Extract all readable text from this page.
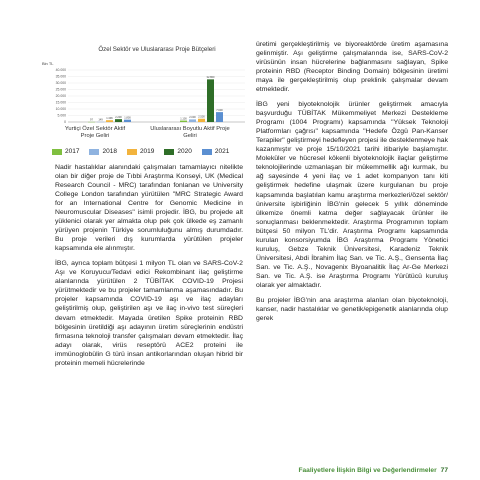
Özel Sektör ve Uluslararası Proje Bütçeleri
Bin TL
40.000
35.000
30.000
25.000
20.000
15.000
10.000
5.000
0
97 149
1.396 2.200 1.800	1.100 2.000 2.500
32.800
7.600
Yurtiçi Özel Sektör Aktif Proje Geliri
Uluslararası Boyutlu Aktif Proje Geliri
2017	2018	2019	2020	2021

Nadir hastalıklar alanındaki çalışmaları tamamlayıcı nitelikte olan bir diğer proje de Tıbbi Araştırma Konseyi, UK (Medical Research Council - MRC) tarafından fonlanan ve University College London tarafından yürütülen "MRC Strategic Award for an International Centre for Genomic Medicine in Neuromuscular Diseases" isimli projedir. İBG, bu projede alt yüklenici olarak yer almakta olup pek çok ülkede eş zamanlı yürüyen projenin Türkiye sorumluluğunu almış durumdadır. Bu proje verileri dış kurumlarda yürütülen projeler kapsamında ele alınmıştır.

İBG, ayrıca toplam bütçesi 1 milyon TL olan ve SARS-CoV-2 Aşı ve Koruyucu/Tedavi edici Rekombinant ilaç geliştirme alanlarında yürütülen 2 TÜBİTAK COVID-19 Projesi yürütmektedir ve bu projeler tamamlanma aşamasındadır. Bu projeler kapsamında COVID-19 aşı ve ilaç adayları geliştirilmiş olup, geliştirilen aşı ve ilaç in-vivo test süreçleri devam etmektedir. Mayada üretilen Spike proteinin RBD bölgesinin üretildiği aşı adayının üretim süreçlerinin endüstri firmasına teknoloji transfer çalışmaları devam etmektedir. İlaç adayı olarak, virüs reseptörü ACE2 proteini ile immünoglobülin G türü insan antikorlarından oluşan hibrid bir proteinin memeli hücrelerinde

üretimi gerçekleştirilmiş ve biyoreaktörde üretim aşamasına gelinmiştir. Aşı geliştirme çalışmalarında ise, SARS-CoV-2 virüsünün insan hücrelerine bağlanmasını sağlayan, Spike proteinin RBD (Receptor Binding Domain) bölgesinin üretimi maya ile gerçekleştirilmiş olup preklinik çalışmalar devam etmektedir.

İBG yeni biyoteknolojik ürünler geliştirmek amacıyla başvurduğu TÜBİTAK Mükemmeliyet Merkezi Destekleme Programı (1004 Programı) kapsamında "Yüksek Teknoloji Platformları çağrısı" kapsamında "Hedefe Özgü Pan-Kanser Terapiler" geliştirmeyi hedefleyen projesi ile desteklenmeye hak kazanmıştır ve proje 15/10/2021 tarihi itibariyle başlamıştır. Moleküler ve hücresel kökenli biyoteknolojik ilaçlar geliştirme teknolojilerinde uzmanlaşan bir mükemmellik ağı kurmak, bu ağ sayesinde 4 yeni ilaç ve 1 adet kompanyon tanı kiti geliştirmek hedefine ulaşmak üzere kurgulanan bu proje kapsamında başlatılan kamu araştırma merkezleri/özel sektör/üniversite işbirliğinin İBG'nin gelecek 5 yıllık döneminde ülkemize önemli katma değer sağlayacak ürünler ile sonuçlanması beklenmektedir. Araştırma Programının toplam bütçesi 50 milyon TL'dir. Araştırma Programı kapsamında kurulan konsorsiyumda İBG Araştırma Programı Yönetici kuruluş, Gebze Teknik Üniversitesi, Karadeniz Teknik Üniversitesi, Abdi İbrahim İlaç San. ve Tic. A.Ş., Gensenta İlaç San. ve Tic. A.Ş., Novagenix Biyoanalitik İlaç Ar-Ge Merkezi San. ve Tic. A.Ş. ise Araştırma Programı Yürütücü kuruluş olarak yer almaktadır.

Bu projeler İBG'nin ana araştırma alanları olan biyoteknoloji, kanser, nadir hastalıklar ve genetik/epigenetik alanlarında olup gerek

Faaliyetlere İlişkin Bilgi ve Değerlendirmeler 77
